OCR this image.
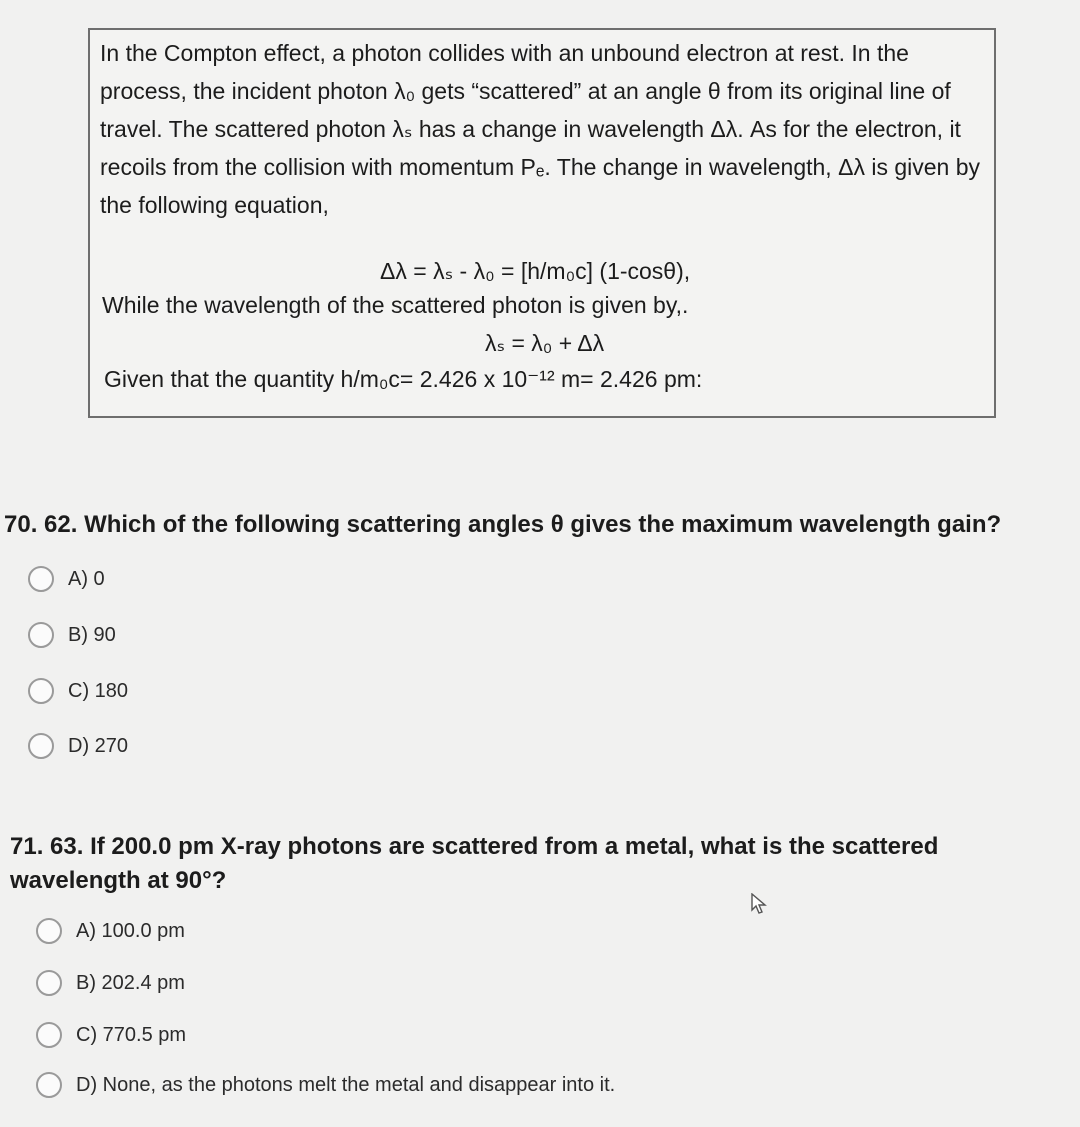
In the Compton effect, a photon collides with an unbound electron at rest. In the process, the incident photon λ₀ gets “scattered” at an angle θ from its original line of travel. The scattered photon λₛ has a change in wavelength Δλ. As for the electron, it recoils from the collision with momentum Pₑ. The change in wavelength, Δλ is given by the following equation,

Δλ = λₛ - λ₀ = [h/m₀c] (1-cosθ),
While the wavelength of the scattered photon is given by,.
λₛ = λ₀ + Δλ
Given that the quantity h/m₀c= 2.426 x 10⁻¹² m= 2.426 pm:

70. 62. Which of the following scattering angles θ gives the maximum wavelength gain?

A) 0
B) 90
C) 180
D) 270

71. 63. If 200.0 pm X-ray photons are scattered from a metal, what is the scattered wavelength at 90°?

A) 100.0 pm
B) 202.4 pm
C) 770.5 pm
D) None, as the photons melt the metal and disappear into it.
